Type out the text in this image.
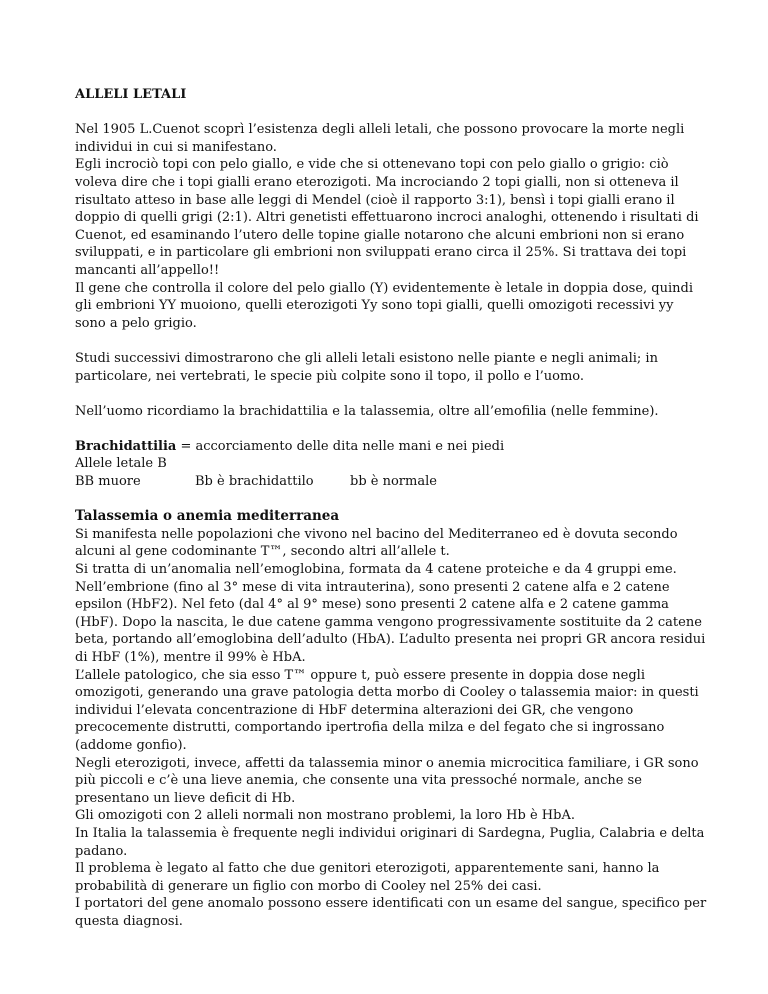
ALLELI LETALI

Nel 1905 L.Cuenot scoprì l’esistenza degli alleli letali, che possono provocare la morte negli individui in cui si manifestano.

Egli incrociò topi con pelo giallo, e vide che si ottenevano topi con pelo giallo o grigio: ciò voleva dire che i topi gialli erano eterozigoti. Ma incrociando 2 topi gialli, non si otteneva il risultato atteso in base alle leggi di Mendel (cioè il rapporto 3:1), bensì i topi gialli erano il doppio di quelli grigi (2:1). Altri genetisti effettuarono incroci analoghi, ottenendo i risultati di Cuenot, ed esaminando l’utero delle topine gialle notarono che alcuni embrioni non si erano sviluppati, e in particolare gli embrioni non sviluppati erano circa il 25%. Si trattava dei topi mancanti all’appello!!

Il gene che controlla il colore del pelo giallo (Y) evidentemente è letale in doppia dose, quindi gli embrioni YY muoiono, quelli eterozigoti Yy sono topi gialli, quelli omozigoti recessivi yy sono a pelo grigio.

Studi successivi dimostrarono che gli alleli letali esistono nelle piante e negli animali; in particolare, nei vertebrati, le specie più colpite sono il topo, il pollo e l’uomo.

Nell’uomo ricordiamo la brachidattilia e la talassemia, oltre all’emofilia (nelle femmine).

Brachidattilia = accorciamento delle dita nelle mani e nei piedi

Allele letale B

BB muore	Bb è brachidattilo	bb è normale
Talassemia o anemia mediterranea

Si manifesta nelle popolazioni che vivono nel bacino del Mediterraneo ed è dovuta secondo alcuni al gene codominante T™, secondo altri all’allele t.

Si tratta di un’anomalia nell’emoglobina, formata da 4 catene proteiche e da 4 gruppi eme.

Nell’embrione (fino al 3° mese di vita intrauterina), sono presenti 2 catene alfa e 2 catene epsilon (HbF2). Nel feto (dal 4° al 9° mese) sono presenti 2 catene alfa e 2 catene gamma (HbF). Dopo la nascita, le due catene gamma vengono progressivamente sostituite da 2 catene beta, portando all’emoglobina dell’adulto (HbA). L’adulto presenta nei propri GR ancora residui di HbF (1%), mentre il 99% è HbA.

L’allele patologico, che sia esso T™ oppure t, può essere presente in doppia dose negli omozigoti, generando una grave patologia detta morbo di Cooley o talassemia maior: in questi individui l’elevata concentrazione di HbF determina alterazioni dei GR, che vengono precocemente distrutti, comportando ipertrofia della milza e del fegato che si ingrossano (addome gonfio).

Negli eterozigoti, invece, affetti da talassemia minor o anemia microcitica familiare, i GR sono più piccoli e c’è una lieve anemia, che consente una vita pressoché normale, anche se presentano un lieve deficit di Hb.

Gli omozigoti con 2 alleli normali non mostrano problemi, la loro Hb è HbA.

In Italia la talassemia è frequente negli individui originari di Sardegna, Puglia, Calabria e delta padano.

Il problema è legato al fatto che due genitori eterozigoti, apparentemente sani, hanno la probabilità di generare un figlio con morbo di Cooley nel 25% dei casi.

I portatori del gene anomalo possono essere identificati con un esame del sangue, specifico per questa diagnosi.
